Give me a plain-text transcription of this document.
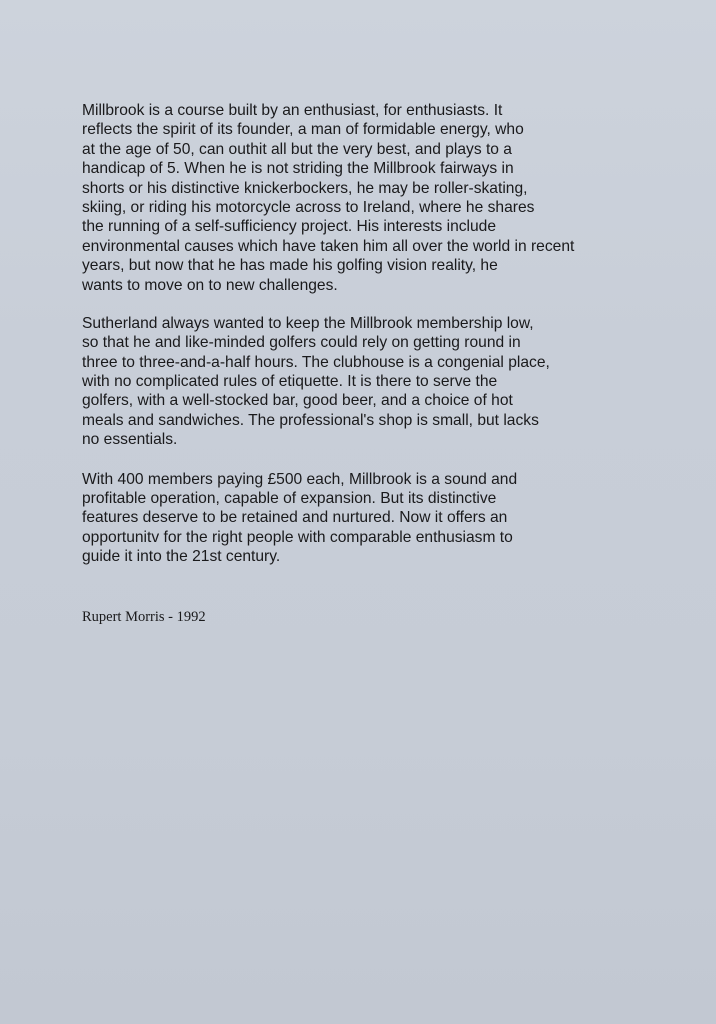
Millbrook is a course built by an enthusiast, for enthusiasts. It
reflects the spirit of its founder, a man of formidable energy, who
at the age of 50, can outhit all but the very best, and plays to a
handicap of 5. When he is not striding the Millbrook fairways in
shorts or his distinctive knickerbockers, he may be roller-skating,
skiing, or riding his motorcycle across to Ireland, where he shares
the running of a self-sufficiency project. His interests include
environmental causes which have taken him all over the world in recent
years, but now that he has made his golfing vision reality, he
wants to move on to new challenges.
Sutherland always wanted to keep the Millbrook membership low,
so that he and like-minded golfers could rely on getting round in
three to three-and-a-half hours. The clubhouse is a congenial place,
with no complicated rules of etiquette. It is there to serve the
golfers, with a well-stocked bar, good beer, and a choice of hot
meals and sandwiches. The professional's shop is small, but lacks
no essentials.
With 400 members paying £500 each, Millbrook is a sound and
profitable operation, capable of expansion. But its distinctive
features deserve to be retained and nurtured. Now it offers an
opportunitv for the right people with comparable enthusiasm to
guide it into the 21st century.
Rupert Morris - 1992
